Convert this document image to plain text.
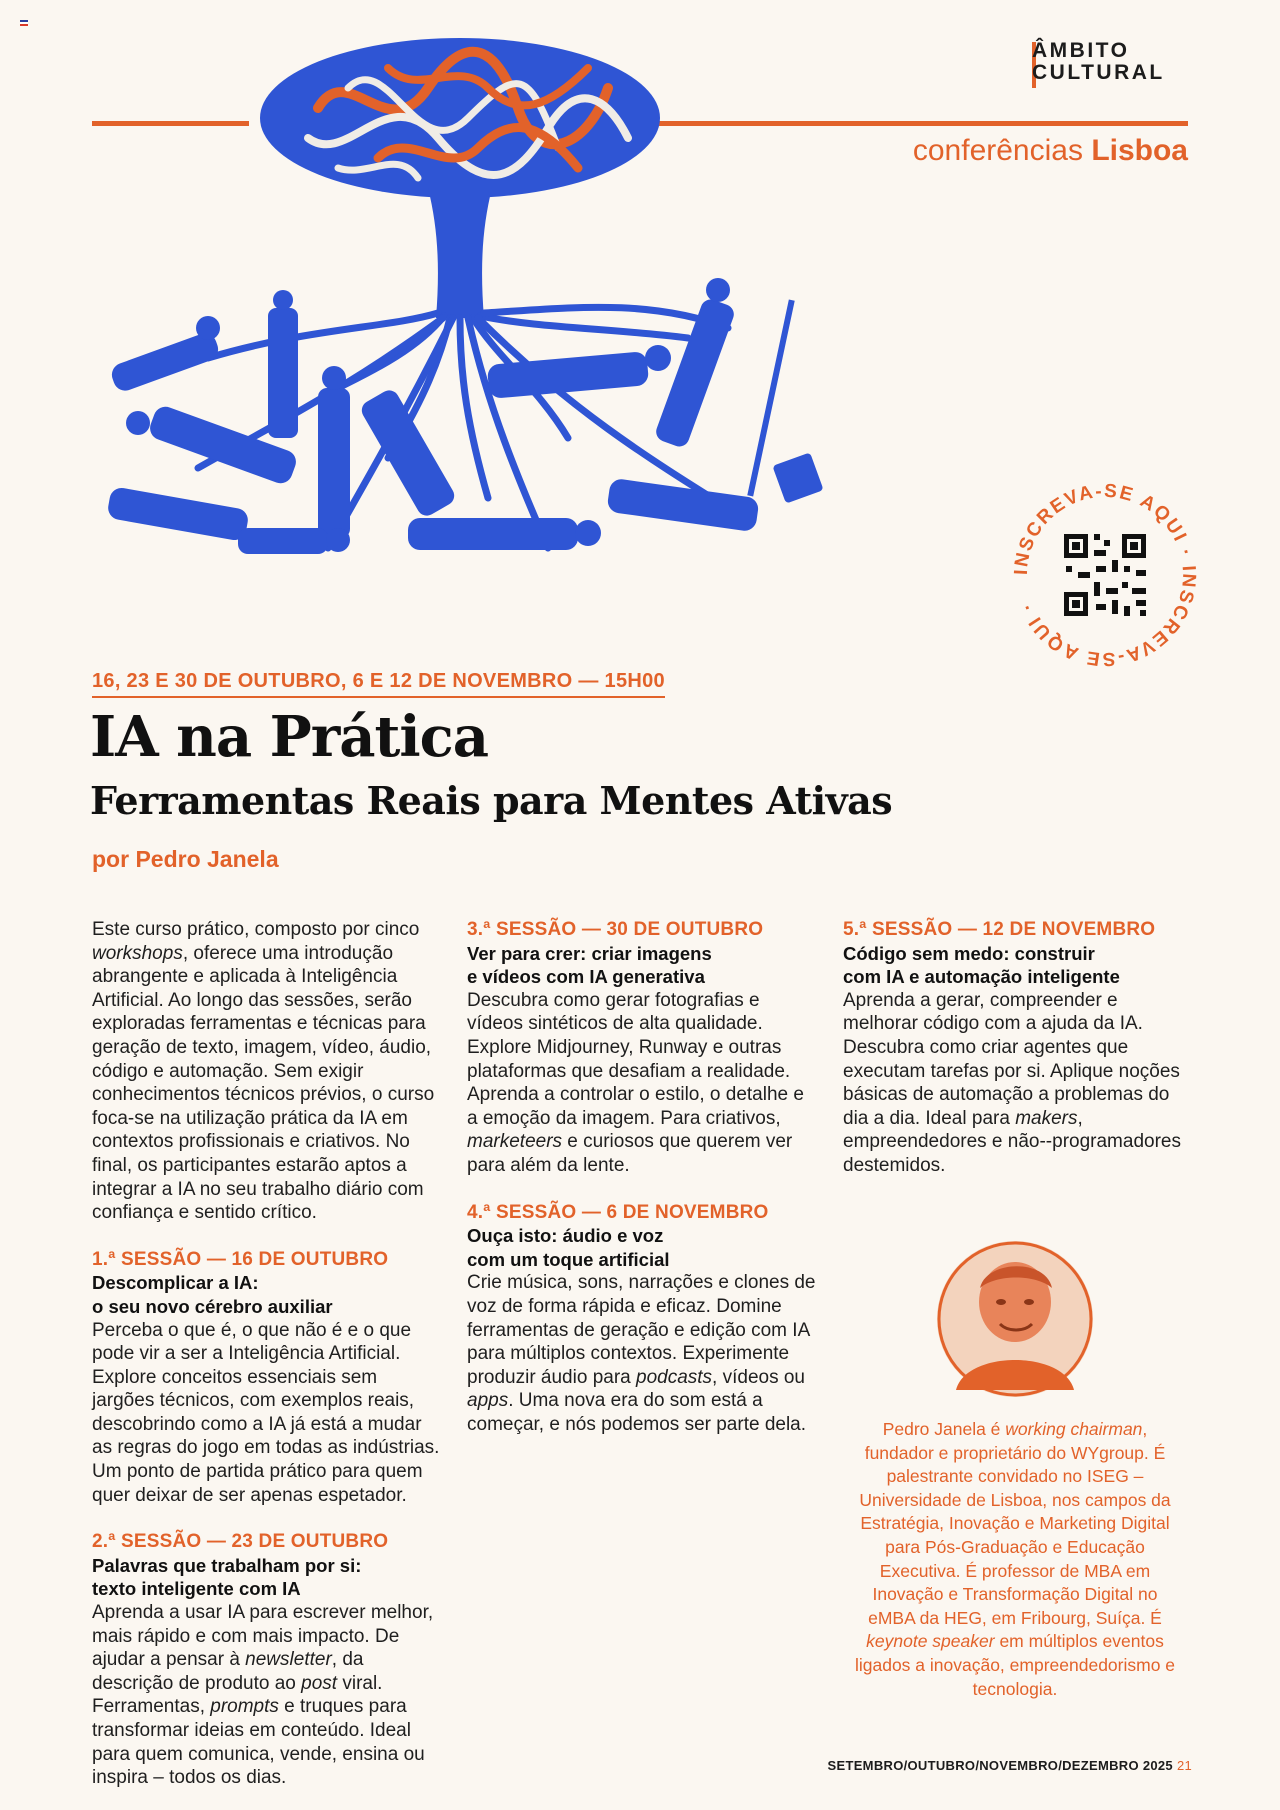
ÂMBITO
CULTURAL
conferências Lisboa
INSCREVA-SE AQUI · INSCREVA-SE AQUI ·
16, 23 E 30 DE OUTUBRO, 6 E 12 DE NOVEMBRO — 15H00
IA na Prática
Ferramentas Reais para Mentes Ativas
por Pedro Janela

Este curso prático, composto por cinco workshops, oferece uma introdução abrangente e aplicada à Inteligência Artificial. Ao longo das sessões, serão exploradas ferramentas e técnicas para geração de texto, imagem, vídeo, áudio, código e automação. Sem exigir conhecimentos técnicos prévios, o curso foca-se na utilização prática da IA em contextos profissionais e criativos. No final, os participantes estarão aptos a integrar a IA no seu trabalho diário com confiança e sentido crítico.

1.ª SESSÃO — 16 DE OUTUBRO
Descomplicar a IA:
o seu novo cérebro auxiliar

Perceba o que é, o que não é e o que pode vir a ser a Inteligência Artificial. Explore conceitos essenciais sem jargões técnicos, com exemplos reais, descobrindo como a IA já está a mudar as regras do jogo em todas as indústrias. Um ponto de partida prático para quem quer deixar de ser apenas espetador.

2.ª SESSÃO — 23 DE OUTUBRO
Palavras que trabalham por si:
texto inteligente com IA

Aprenda a usar IA para escrever melhor, mais rápido e com mais impacto. De ajudar a pensar à newsletter, da descrição de produto ao post viral. Ferramentas, prompts e truques para transformar ideias em conteúdo. Ideal para quem comunica, vende, ensina ou inspira – todos os dias.

3.ª SESSÃO — 30 DE OUTUBRO
Ver para crer: criar imagens
e vídeos com IA generativa

Descubra como gerar fotografias e vídeos sintéticos de alta qualidade. Explore Midjourney, Runway e outras plataformas que desafiam a realidade. Aprenda a controlar o estilo, o detalhe e a emoção da imagem. Para criativos, marketeers e curiosos que querem ver para além da lente.

4.ª SESSÃO — 6 DE NOVEMBRO
Ouça isto: áudio e voz
com um toque artificial

Crie música, sons, narrações e clones de voz de forma rápida e eficaz. Domine ferramentas de geração e edição com IA para múltiplos contextos. Experimente produzir áudio para podcasts, vídeos ou apps. Uma nova era do som está a começar, e nós podemos ser parte dela.

5.ª SESSÃO — 12 DE NOVEMBRO
Código sem medo: construir
com IA e automação inteligente

Aprenda a gerar, compreender e melhorar código com a ajuda da IA. Descubra como criar agentes que executam tarefas por si. Aplique noções básicas de automação a problemas do dia a dia. Ideal para makers, empreendedores e não--programadores destemidos.

Pedro Janela é working chairman, fundador e proprietário do WYgroup. É palestrante convidado no ISEG – Universidade de Lisboa, nos campos da Estratégia, Inovação e Marketing Digital para Pós-Graduação e Educação Executiva. É professor de MBA em Inovação e Transformação Digital no eMBA da HEG, em Fribourg, Suíça. É keynote speaker em múltiplos eventos ligados a inovação, empreendedorismo e tecnologia.
SETEMBRO/OUTUBRO/NOVEMBRO/DEZEMBRO 2025 21
